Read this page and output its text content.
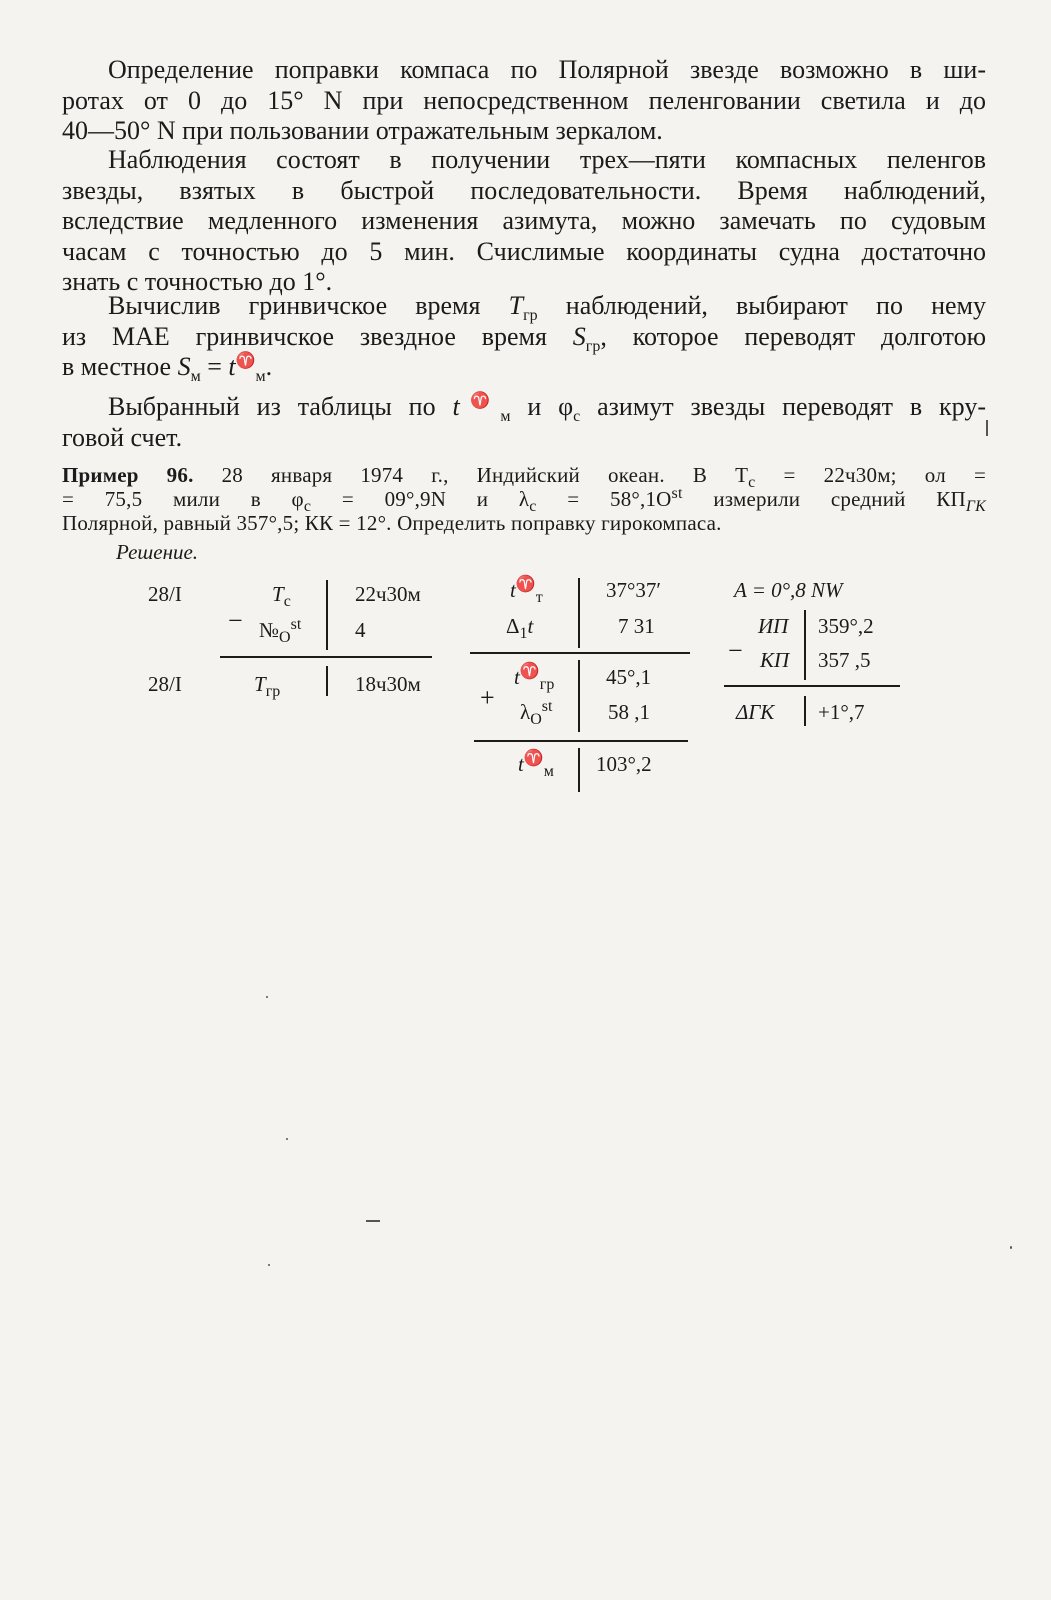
Определение поправки компаса по Полярной звезде возможно в ши-
ротах от 0 до 15° N при непосредственном пеленговании светила и до
40—50° N при пользовании отражательным зеркалом.
Наблюдения состоят в получении трех—пяти компасных пеленгов
звезды, взятых в быстрой последовательности. Время наблюдений,
вследствие медленного изменения азимута, можно замечать по судовым
часам с точностью до 5 мин. Счислимые координаты судна достаточно
знать с точностью до 1°.
Вычислив гринвичское время $T_{гр}$ наблюдений, выбирают по нему
из МАЕ гринвичское звездное время $S_{гр}$, которое переводят долготою
в местное $S_м = t^♈_м$.
Выбранный из таблицы по $t^♈_м$ и $\varphi_c$ азимут звезды переводят в кру-
говой счет.
Пример 96. 28 января 1974 г., Индийский океан. В $T_c = 22ч30м$; ол =
= 75,5 мили в $\varphi_c = 09^\circ,9N$ и $\lambda_c = 58^\circ,1O^{st}$ измерили средний $КП_{ГК}$
Полярной, равный 357°,5; КК = 12°. Определить поправку гирокомпаса.
Решение.
28/I	$T_c$	22ч30м
− $№_O^{st}$	4
28/I	$T_{гр}$	18ч30м
$t^♈_т$	37°37′
$\Delta_1t$	7 31
$t^♈_{гр}$ 45°,1
+ $\lambda_O^{st}$	58 ,1
$t^♈_м$ 103°,2
A = 0°,8 NW
ИП 359°,2
− КП 357 ,5
ΔГК +1°,7
